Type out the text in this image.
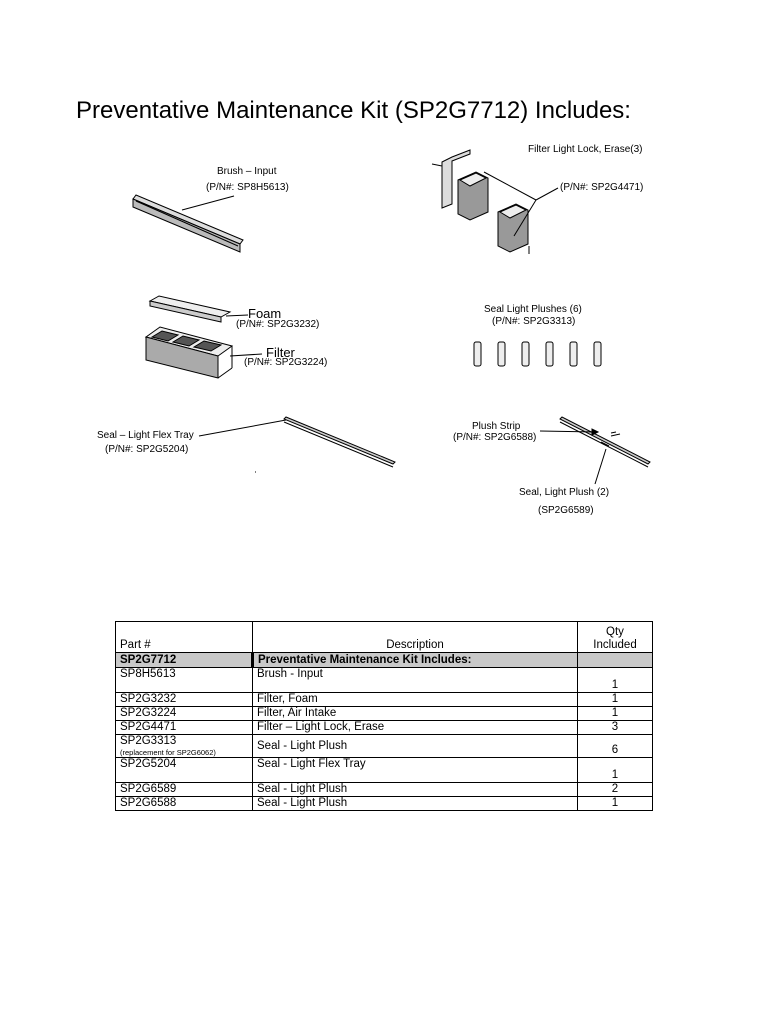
Preventative Maintenance Kit (SP2G7712) Includes:
Brush – Input
(P/N#: SP8H5613)
Filter Light Lock, Erase(3)
(P/N#: SP2G4471)
Foam
(P/N#: SP2G3232)
Filter
(P/N#: SP2G3224)
Seal Light Plushes (6)
(P/N#: SP2G3313)
Seal – Light Flex Tray
(P/N#: SP2G5204)
Plush Strip
(P/N#: SP2G6588)
Seal, Light Plush (2)
(SP2G6589)
Part #	Description	Qty
Included
SP2G7712	Preventative Maintenance Kit Includes:	
SP8H5613	Brush - Input	1
SP2G3232	Filter, Foam	1
SP2G3224	Filter, Air Intake	1
SP2G4471	Filter – Light Lock, Erase	3
SP2G3313
(replacement for SP2G6062)	Seal - Light Plush	6
SP2G5204	Seal - Light Flex Tray	1
SP2G6589	Seal - Light Plush	2
SP2G6588	Seal - Light Plush	1
